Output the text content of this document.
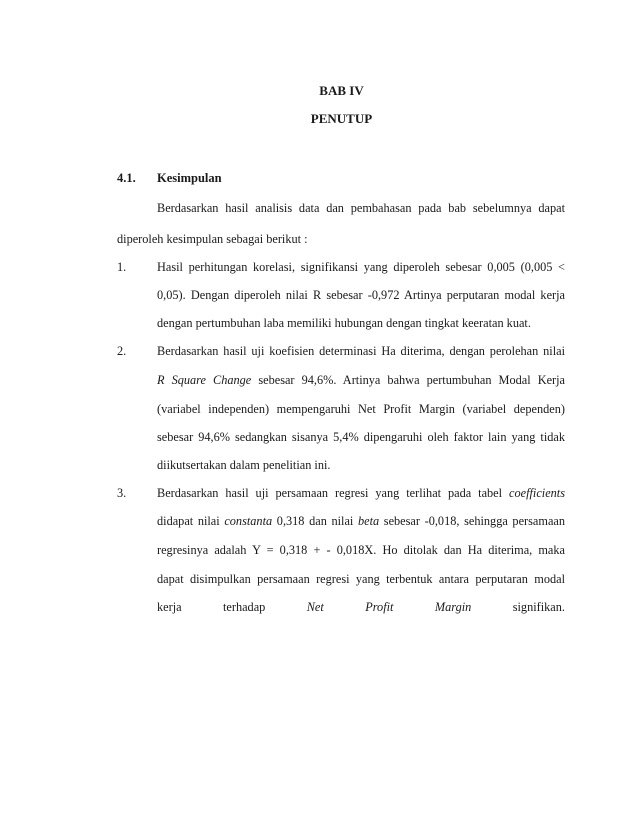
BAB IV
PENUTUP
4.1. Kesimpulan
Berdasarkan hasil analisis data dan pembahasan pada bab sebelumnya dapat
diperoleh kesimpulan sebagai berikut :
1.	Hasil perhitungan korelasi, signifikansi yang diperoleh sebesar 0,005 (0,005 <
0,05). Dengan diperoleh nilai R sebesar -0,972 Artinya perputaran modal kerja
dengan pertumbuhan laba memiliki hubungan dengan tingkat keeratan kuat.
2.	Berdasarkan hasil uji koefisien determinasi Ha diterima, dengan perolehan nilai
R Square Change sebesar 94,6%. Artinya bahwa pertumbuhan Modal Kerja
(variabel independen) mempengaruhi Net Profit Margin (variabel dependen)
sebesar 94,6% sedangkan sisanya 5,4% dipengaruhi oleh faktor lain yang tidak
diikutsertakan dalam penelitian ini.
3.	Berdasarkan hasil uji persamaan regresi yang terlihat pada tabel coefficients
didapat nilai constanta 0,318 dan nilai beta sebesar -0,018, sehingga persamaan
regresinya adalah Y = 0,318 + - 0,018X. Ho ditolak dan Ha diterima, maka
dapat disimpulkan persamaan regresi yang terbentuk antara perputaran modal
kerja	terhadap	Net	Profit	Margin	signifikan.
